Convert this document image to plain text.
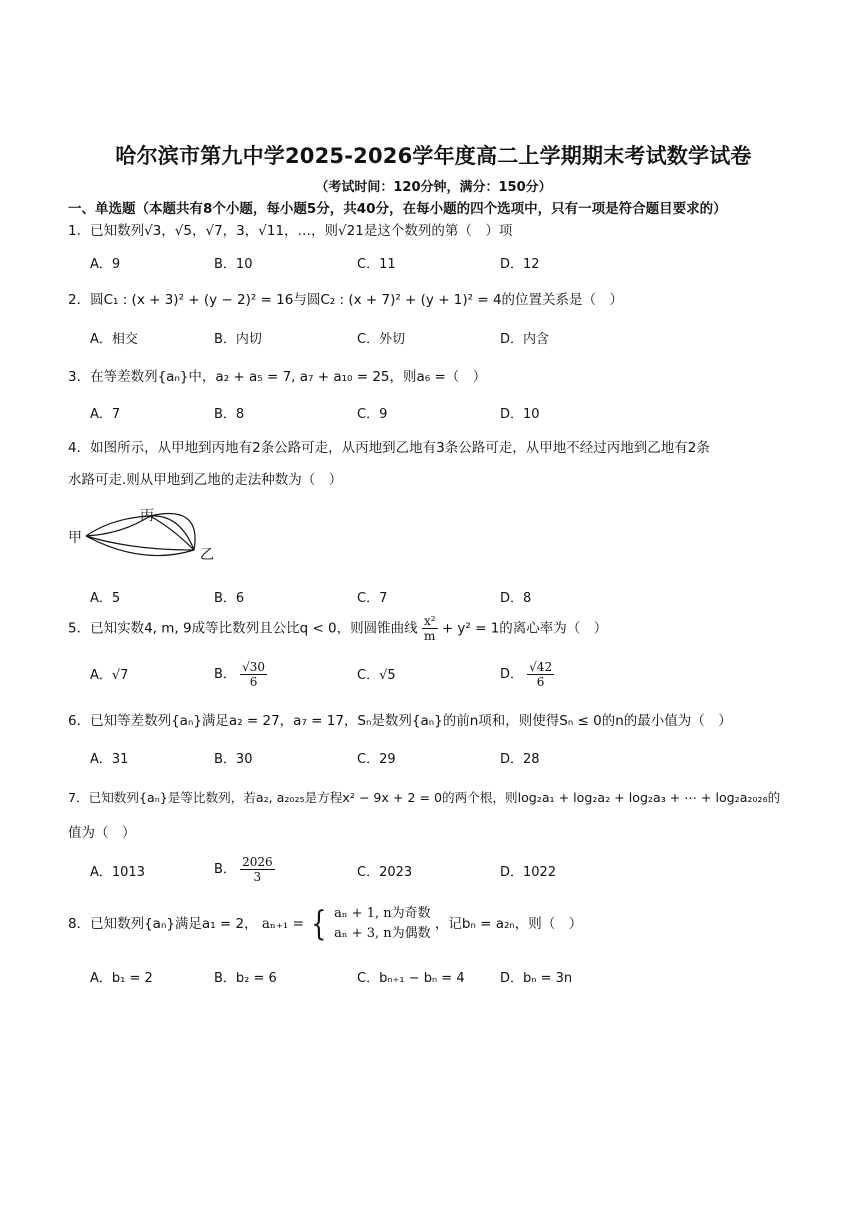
哈尔滨市第九中学2025-2026学年度高二上学期期末考试数学试卷
（考试时间：120分钟，满分：150分）
一、单选题（本题共有8个小题，每小题5分，共40分，在每小题的四个选项中，只有一项是符合题目要求的）
1．已知数列√3，√5，√7，3，√11，…，则√21是这个数列的第（　）项
A．9	B．10	C．11	D．12
2．圆C₁ : (x + 3)² + (y − 2)² = 16与圆C₂ : (x + 7)² + (y + 1)² = 4的位置关系是（　）
A．相交	B．内切	C．外切	D．内含
3．在等差数列{aₙ}中，a₂ + a₅ = 7, a₇ + a₁₀ = 25，则a₆ =（　）
A．7	B．8	C．9	D．10
4．如图所示，从甲地到丙地有2条公路可走，从丙地到乙地有3条公路可走，从甲地不经过丙地到乙地有2条
水路可走.则从甲地到乙地的走法种数为（　）
甲
丙
乙
A．5	B．6	C．7	D．8
5．已知实数4, m, 9成等比数列且公比q < 0，则圆锥曲线 $\frac{\text{x²}}{m} + y^2 = 1$的离心率为（　）
A．√7	B． $\frac{√30}{6}$	C．√5	D． $\frac{√42}{6}$
6．已知等差数列{aₙ}满足a₂ = 27，a₇ = 17，Sₙ是数列{aₙ}的前n项和，则使得Sₙ ≤ 0的n的最小值为（　）
A．31	B．30	C．29	D．28
7．已知数列{aₙ}是等比数列，若a₂, a₂₀₂₅是方程x² − 9x + 2 = 0的两个根，则log₂a₁ + log₂a₂ + log₂a₃ + ⋯ + log₂a₂₀₂₆的
值为（　）
A．1013	B． $\frac{2026}{3}$	C．2023	D．1022
8．已知数列{aₙ}满足a₁ = 2， aₙ₊₁ = { aₙ + 1, n为奇数
aₙ + 3, n为偶数
，记bₙ = a₂ₙ，则（　）
A．b₁ = 2	B．b₂ = 6	C．bₙ₊₁ − bₙ = 4	D．bₙ = 3n
